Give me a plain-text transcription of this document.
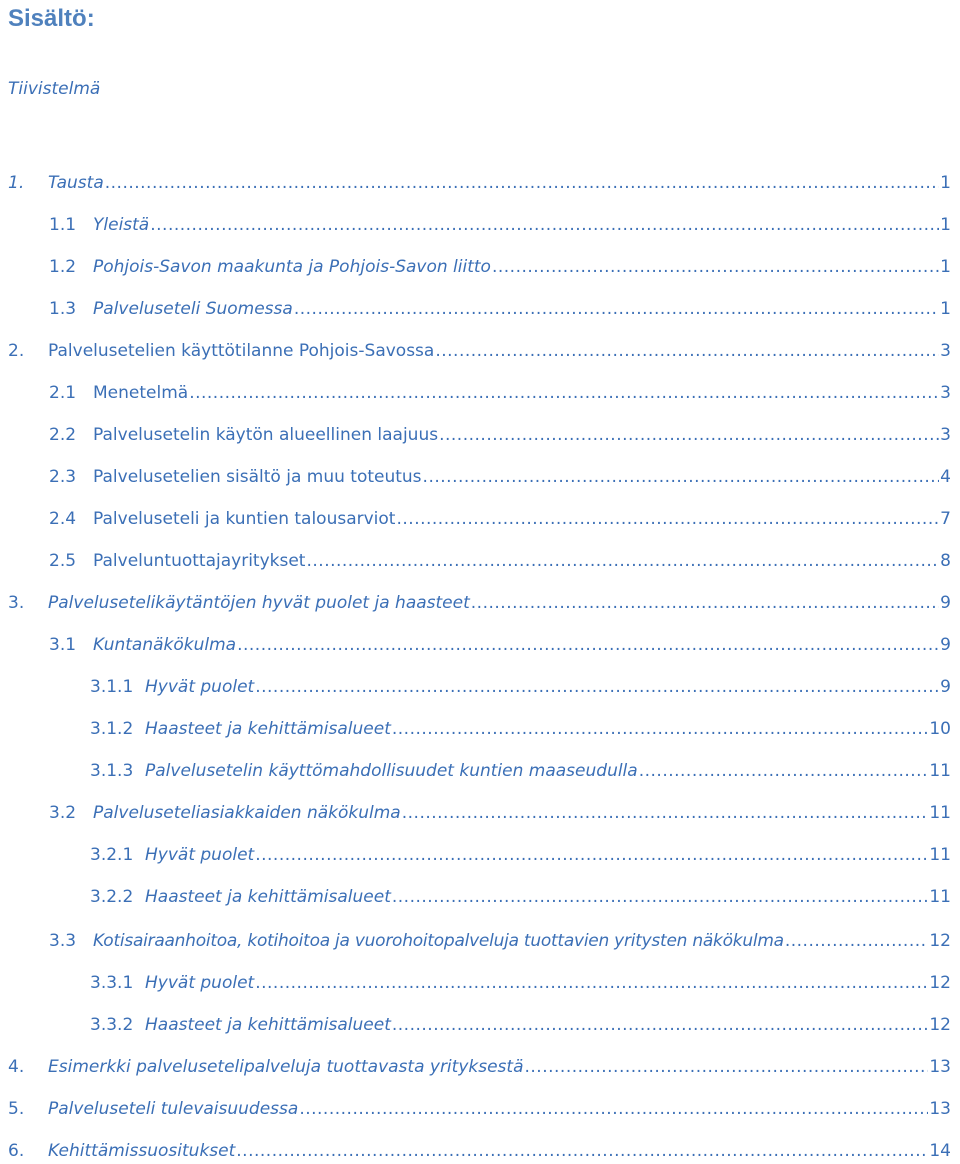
Sisältö:
Tiivistelmä
1.	Tausta .....	1
1.1 Yleistä .....	1
1.2 Pohjois-Savon maakunta ja Pohjois-Savon liitto .....	1
1.3 Palveluseteli Suomessa .....	1
2.	Palvelusetelien käyttötilanne Pohjois-Savossa .....	3
2.1 Menetelmä .....	3
2.2 Palvelusetelin käytön alueellinen laajuus .....	3
2.3 Palvelusetelien sisältö ja muu toteutus .....	4
2.4 Palveluseteli ja kuntien talousarviot .....	7
2.5 Palveluntuottajayritykset .....	8
3.	Palvelusetelikäytäntöjen hyvät puolet ja haasteet .....	9
3.1 Kuntanäkökulma .....	9
3.1.1 Hyvät puolet .....	9
3.1.2 Haasteet ja kehittämisalueet .....	10
3.1.3 Palvelusetelin käyttömahdollisuudet kuntien maaseudulla .....	11
3.2 Palveluseteliasiakkaiden näkökulma .....	11
3.2.1 Hyvät puolet .....	11
3.2.2 Haasteet ja kehittämisalueet .....	11
3.3 Kotisairaanhoitoa, kotihoitoa ja vuorohoitopalveluja tuottavien yritysten näkökulma .....	12
3.3.1 Hyvät puolet .....	12
3.3.2 Haasteet ja kehittämisalueet .....	12
4.	Esimerkki palvelusetelipalveluja tuottavasta yrityksestä .....	13
5.	Palveluseteli tulevaisuudessa .....	13
6.	Kehittämissuositukset .....	14
